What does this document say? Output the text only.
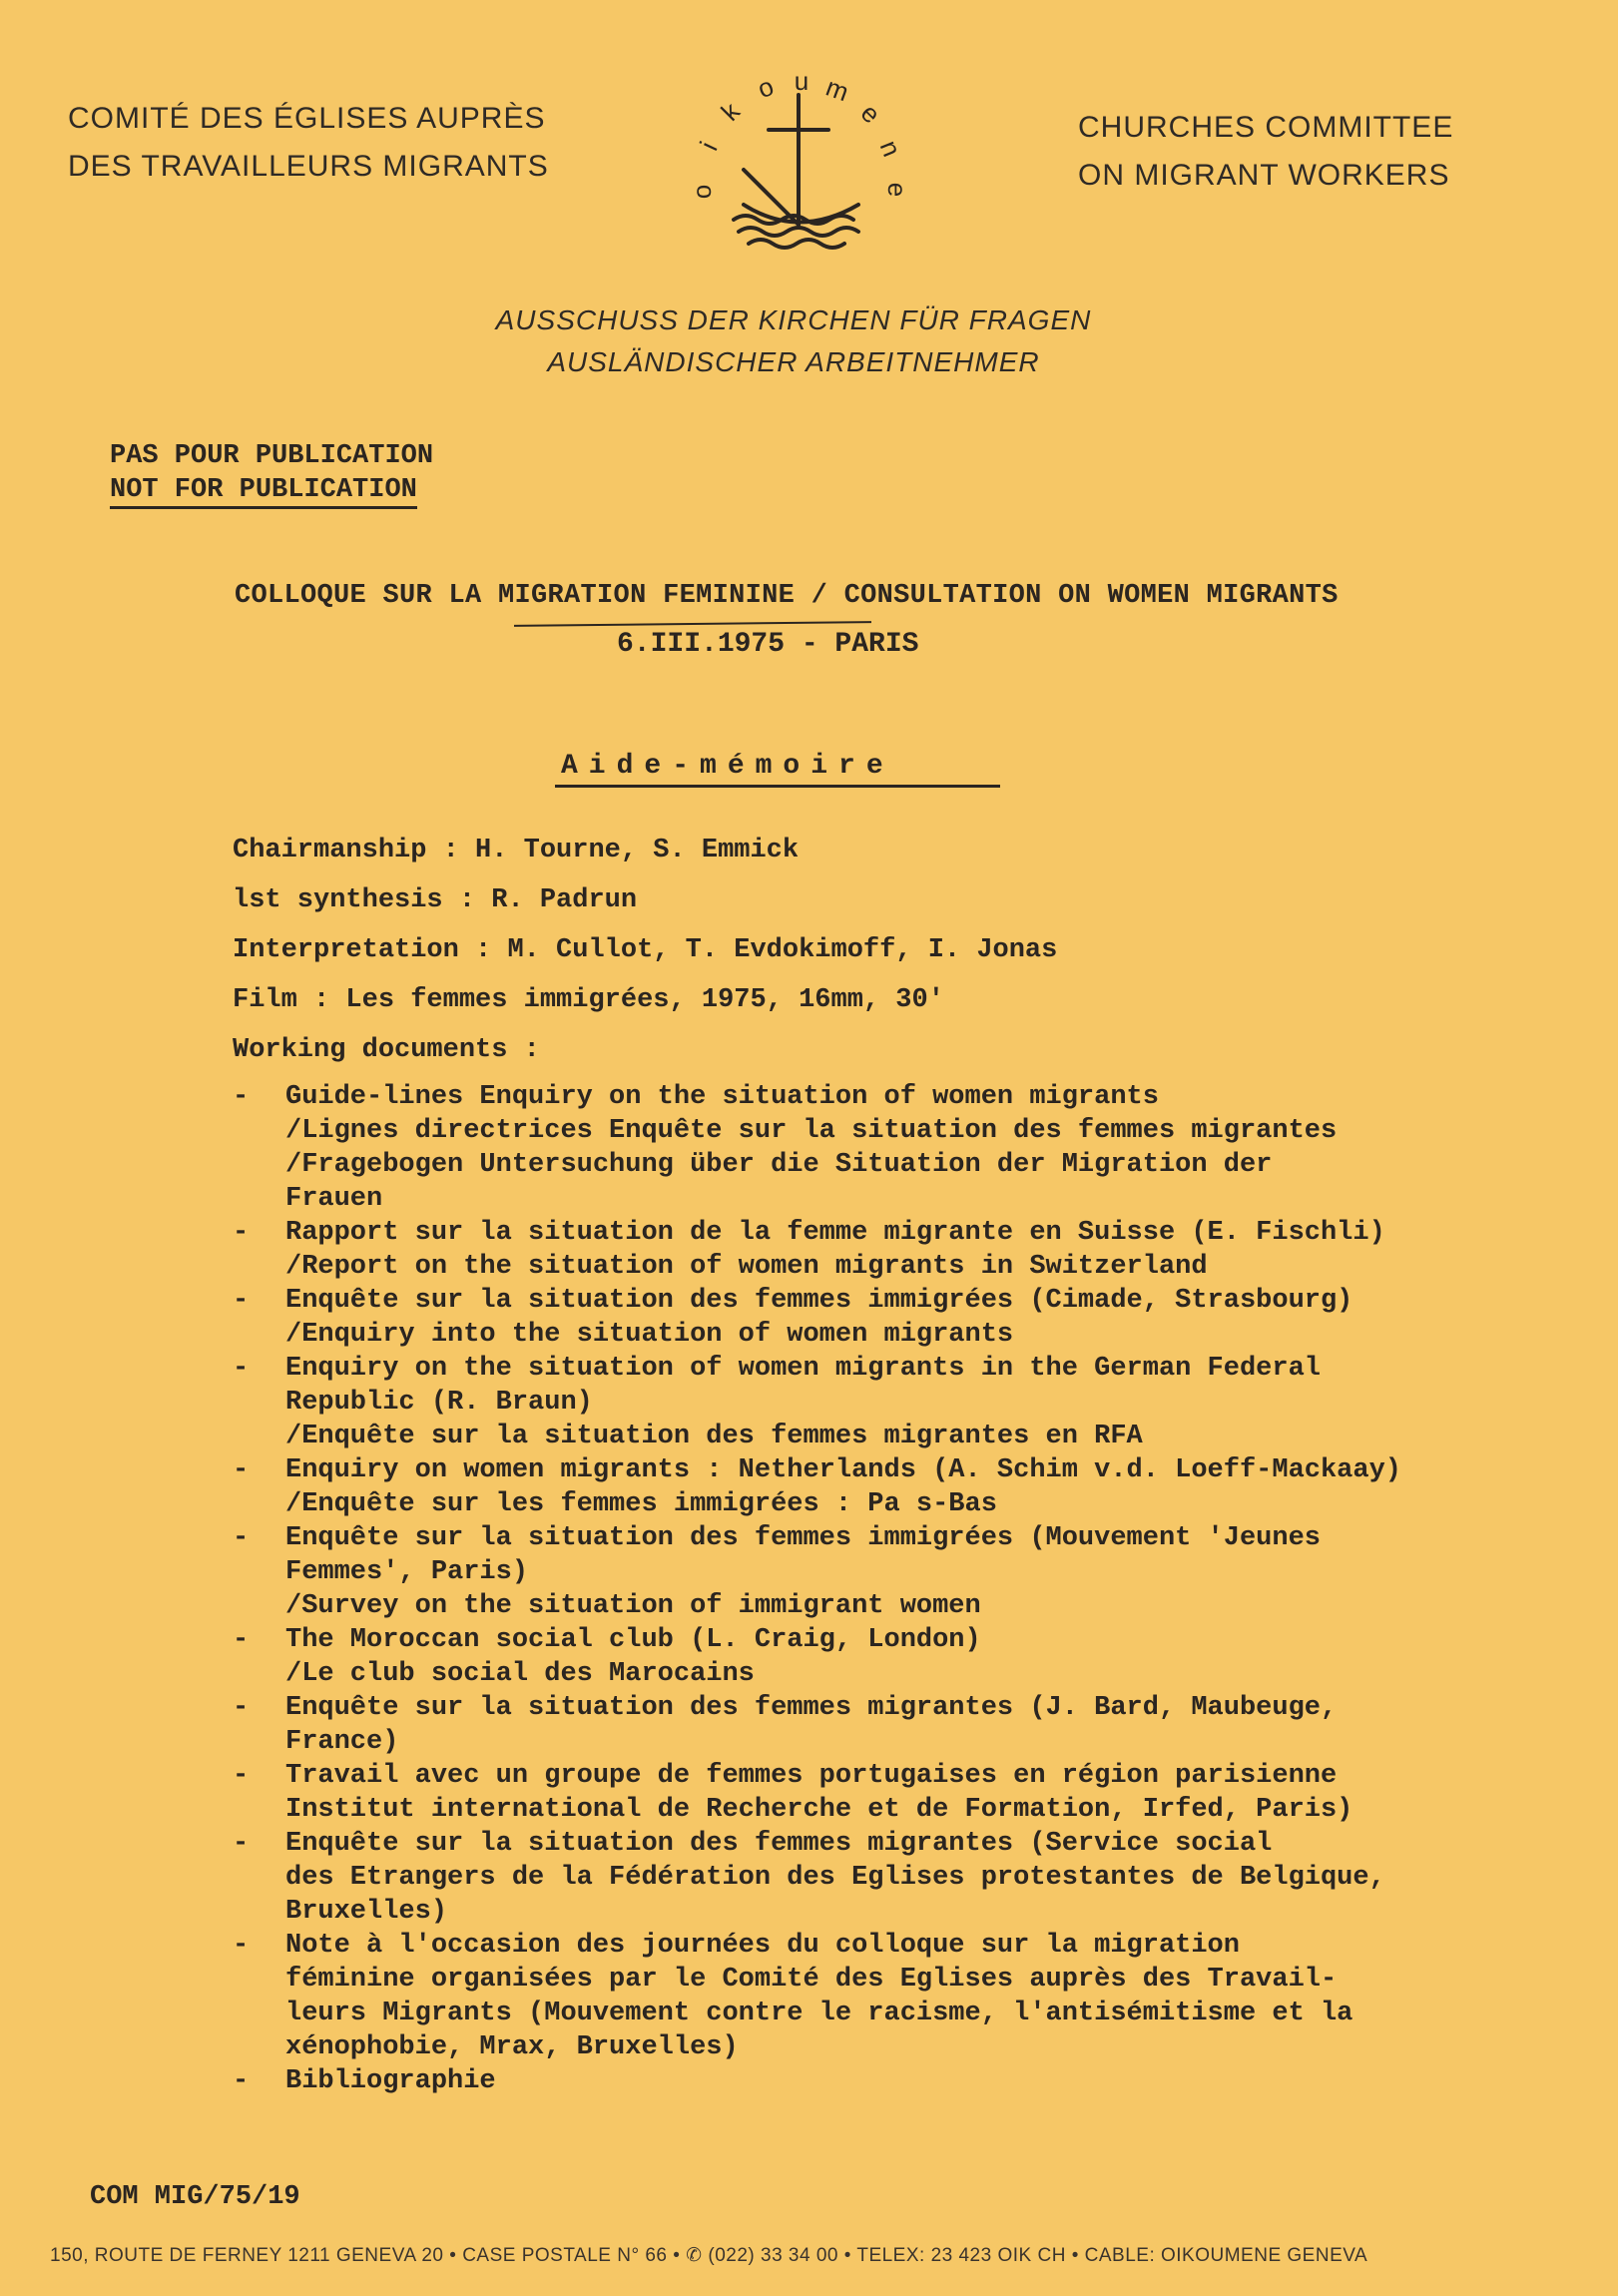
COMITÉ DES ÉGLISES AUPRÈS
DES TRAVAILLEURS MIGRANTS
o
i
k
o u m
e
n
e
CHURCHES COMMITTEE
ON MIGRANT WORKERS
AUSSCHUSS DER KIRCHEN FÜR FRAGEN
AUSLÄNDISCHER ARBEITNEHMER
PAS POUR PUBLICATION
NOT FOR PUBLICATION
COLLOQUE SUR LA MIGRATION FEMININE / CONSULTATION ON WOMEN MIGRANTS
6.III.1975 - PARIS
Aide-mémoire
Chairmanship : H. Tourne, S. Emmick
lst synthesis : R. Padrun
Interpretation : M. Cullot, T. Evdokimoff, I. Jonas
Film : Les femmes immigrées, 1975, 16mm, 30'
Working documents :
- Guide-lines Enquiry on the situation of women migrants
/Lignes directrices Enquête sur la situation des femmes migrantes
/Fragebogen Untersuchung über die Situation der Migration der
Frauen
- Rapport sur la situation de la femme migrante en Suisse (E. Fischli)
/Report on the situation of women migrants in Switzerland
- Enquête sur la situation des femmes immigrées (Cimade, Strasbourg)
/Enquiry into the situation of women migrants
- Enquiry on the situation of women migrants in the German Federal
Republic (R. Braun)
/Enquête sur la situation des femmes migrantes en RFA
- Enquiry on women migrants : Netherlands (A. Schim v.d. Loeff-Mackaay)
/Enquête sur les femmes immigrées : Pa s-Bas
- Enquête sur la situation des femmes immigrées (Mouvement 'Jeunes
Femmes', Paris)
/Survey on the situation of immigrant women
- The Moroccan social club (L. Craig, London)
/Le club social des Marocains
- Enquête sur la situation des femmes migrantes (J. Bard, Maubeuge,
France)
- Travail avec un groupe de femmes portugaises en région parisienne
Institut international de Recherche et de Formation, Irfed, Paris)
- Enquête sur la situation des femmes migrantes (Service social
des Etrangers de la Fédération des Eglises protestantes de Belgique,
Bruxelles)
- Note à l'occasion des journées du colloque sur la migration
féminine organisées par le Comité des Eglises auprès des Travail-
leurs Migrants (Mouvement contre le racisme, l'antisémitisme et la
xénophobie, Mrax, Bruxelles)
- Bibliographie
COM MIG/75/19
150, ROUTE DE FERNEY 1211 GENEVA 20 • CASE POSTALE N° 66 • ✆ (022) 33 34 00 • TELEX: 23 423 OIK CH • CABLE: OIKOUMENE GENEVA
